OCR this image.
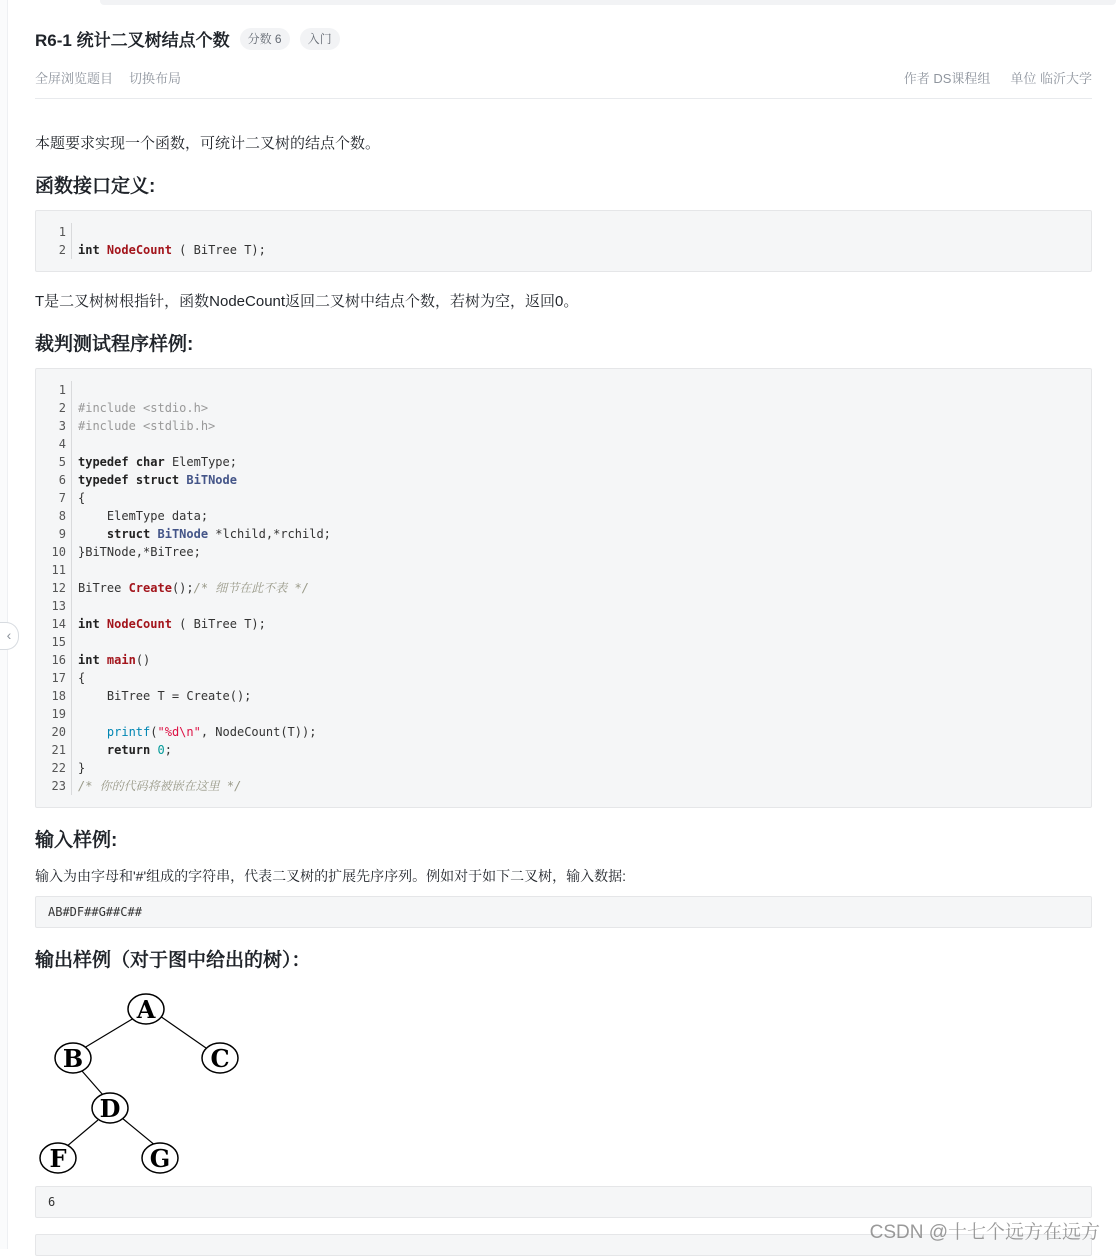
‹
R6-1 统计二叉树结点个数	分数 6	入门
全屏浏览题目 切换布局	作者 DS课程组 单位 临沂大学
本题要求实现一个函数，可统计二叉树的结点个数。
函数接口定义:
1
2	int NodeCount ( BiTree T);
T是二叉树树根指针，函数NodeCount返回二叉树中结点个数，若树为空，返回0。
裁判测试程序样例:
1
2	#include <stdio.h>
3	#include <stdlib.h>
4
5	typedef char ElemType;
6	typedef struct BiTNode
7	{
8	ElemType data;
9	struct BiTNode *lchild,*rchild;
10	}BiTNode,*BiTree;
11
12	BiTree Create();/* 细节在此不表 */
13
14	int NodeCount ( BiTree T);
15
16	int main()
17	{
18	BiTree T = Create();
19
20	printf("%d\n", NodeCount(T));
21	return 0;
22	}
23	/* 你的代码将被嵌在这里 */
输入样例:
输入为由字母和'#'组成的字符串，代表二叉树的扩展先序序列。例如对于如下二叉树，输入数据:
AB#DF##G##C##
输出样例（对于图中给出的树）：
6
A
B	C
D
F	G
CSDN @十七个远方在远方
